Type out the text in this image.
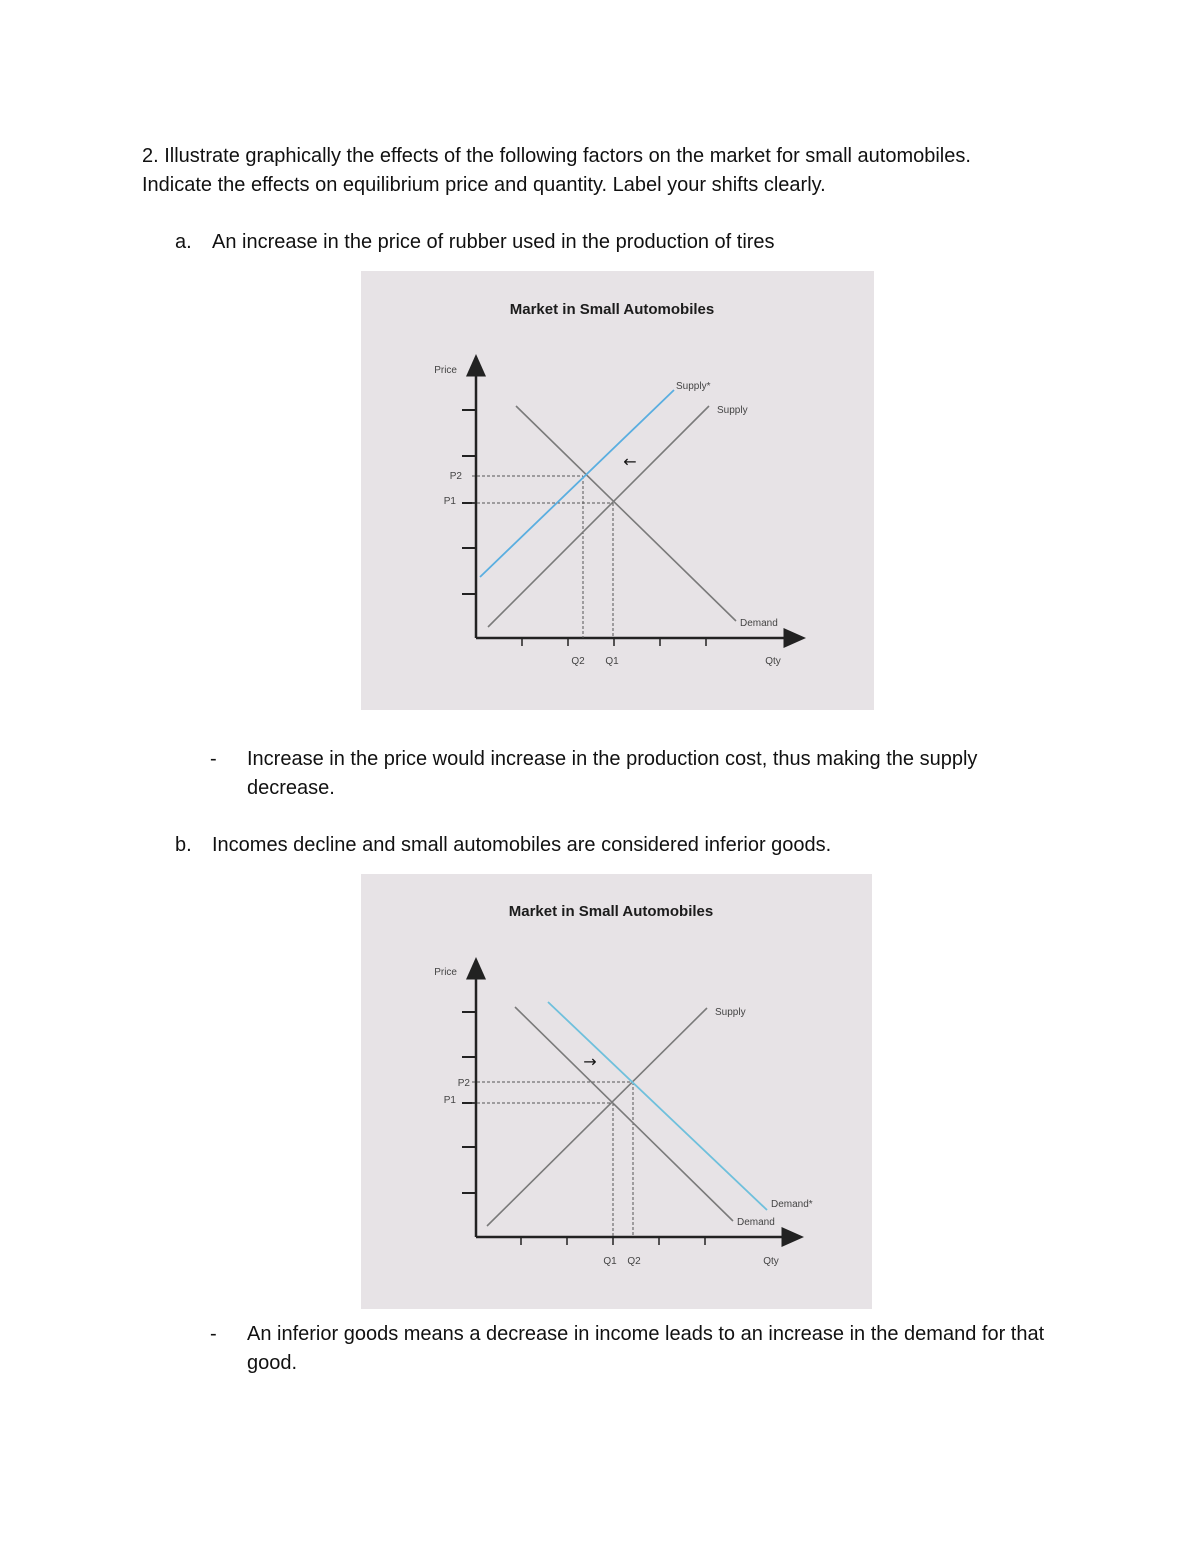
2. Illustrate graphically the effects of the following factors on the market for small automobiles.
Indicate the effects on equilibrium price and quantity. Label your shifts clearly.
a. An increase in the price of rubber used in the production of tires
Market in Small Automobiles
Price
Qty
Supply*
Supply
Demand
P2
P1
Q2 Q1
←
- Increase in the price would increase in the production cost, thus making the supply decrease.
b. Incomes decline and small automobiles are considered inferior goods.
Market in Small Automobiles
Price
Qty
Supply
Demand
Demand*
P2
P1
Q1 Q2
→
- An inferior goods means a decrease in income leads to an increase in the demand for that good.
